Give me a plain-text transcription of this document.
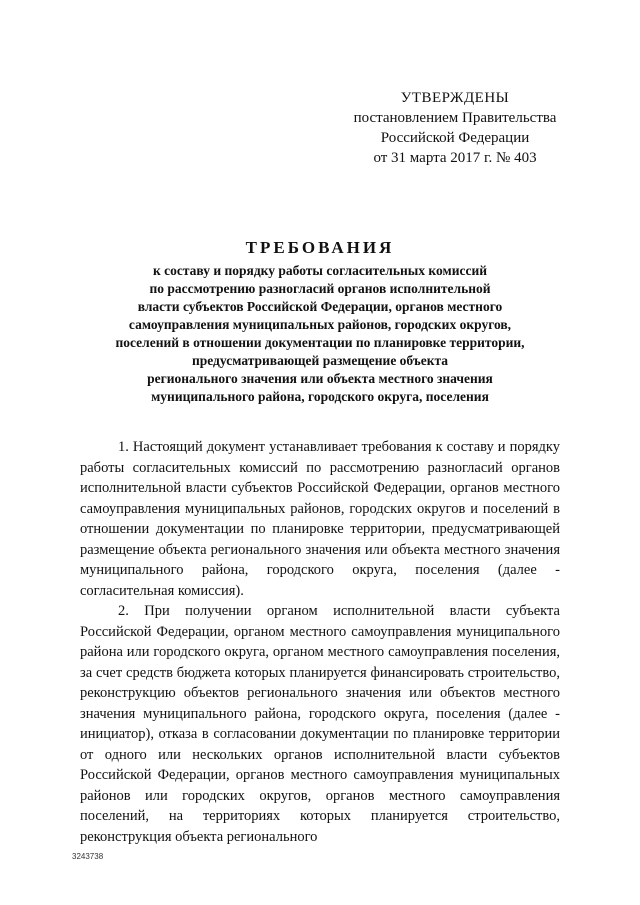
УТВЕРЖДЕНЫ
постановлением Правительства
Российской Федерации
от 31 марта 2017 г. № 403
ТРЕБОВАНИЯ
к составу и порядку работы согласительных комиссий
по рассмотрению разногласий органов исполнительной
власти субъектов Российской Федерации, органов местного
самоуправления муниципальных районов, городских округов,
поселений в отношении документации по планировке территории,
предусматривающей размещение объекта
регионального значения или объекта местного значения
муниципального района, городского округа, поселения

1. Настоящий документ устанавливает требования к составу и порядку работы согласительных комиссий по рассмотрению разногласий органов исполнительной власти субъектов Российской Федерации, органов местного самоуправления муниципальных районов, городских округов и поселений в отношении документации по планировке территории, предусматривающей размещение объекта регионального значения или объекта местного значения муниципального района, городского округа, поселения (далее - согласительная комиссия).

2. При получении органом исполнительной власти субъекта Российской Федерации, органом местного самоуправления муниципального района или городского округа, органом местного самоуправления поселения, за счет средств бюджета которых планируется финансировать строительство, реконструкцию объектов регионального значения или объектов местного значения муниципального района, городского округа, поселения (далее - инициатор), отказа в согласовании документации по планировке территории от одного или нескольких органов исполнительной власти субъектов Российской Федерации, органов местного самоуправления муниципальных районов или городских округов, органов местного самоуправления поселений, на территориях которых планируется строительство, реконструкция объекта регионального

3243738
